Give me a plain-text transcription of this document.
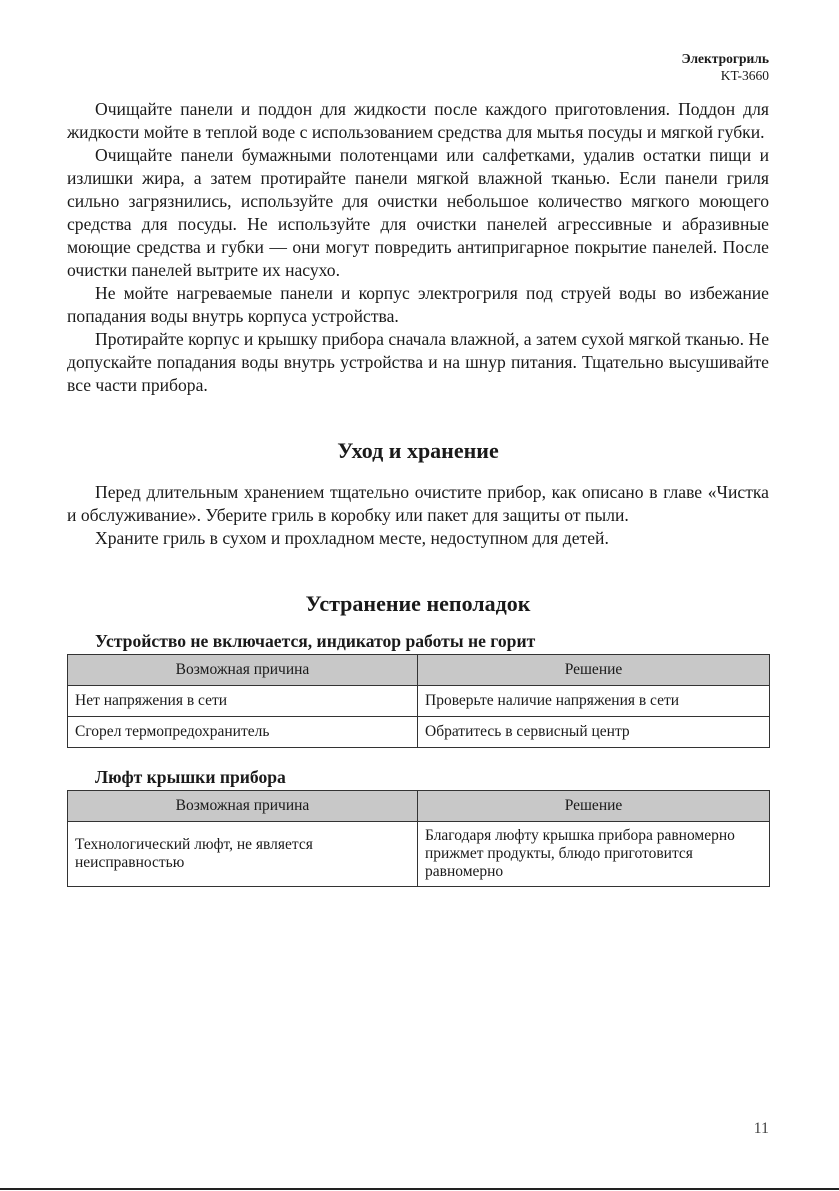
Электрогриль
KT-3660

Очищайте панели и поддон для жидкости после каждого приготовления. Поддон для жидкости мойте в теплой воде с использованием средства для мытья посуды и мягкой губки.

Очищайте панели бумажными полотенцами или салфетками, удалив остатки пищи и излишки жира, а затем протирайте панели мягкой влажной тканью. Если панели гриля сильно загрязнились, используйте для очистки небольшое количество мягкого моющего средства для посуды. Не используйте для очистки панелей агрессивные и абразивные моющие средства и губки — они могут повредить антипригарное покрытие панелей. После очистки панелей вытрите их насухо.

Не мойте нагреваемые панели и корпус электрогриля под струей воды во избежание попадания воды внутрь корпуса устройства.

Протирайте корпус и крышку прибора сначала влажной, а затем сухой мягкой тканью. Не допускайте попадания воды внутрь устройства и на шнур питания. Тщательно высушивайте все части прибора.

Уход и хранение

Перед длительным хранением тщательно очистите прибор, как описано в главе «Чистка и обслуживание». Уберите гриль в коробку или пакет для защиты от пыли.

Храните гриль в сухом и прохладном месте, недоступном для детей.

Устранение неполадок
Устройство не включается, индикатор работы не горит
Возможная причина	Решение
Нет напряжения в сети	Проверьте наличие напряжения в сети
Сгорел термопредохранитель	Обратитесь в сервисный центр
Люфт крышки прибора
Возможная причина	Решение
Технологический люфт, не является неисправностью	Благодаря люфту крышка прибора равномерно прижмет продукты, блюдо приготовится равномерно
11
